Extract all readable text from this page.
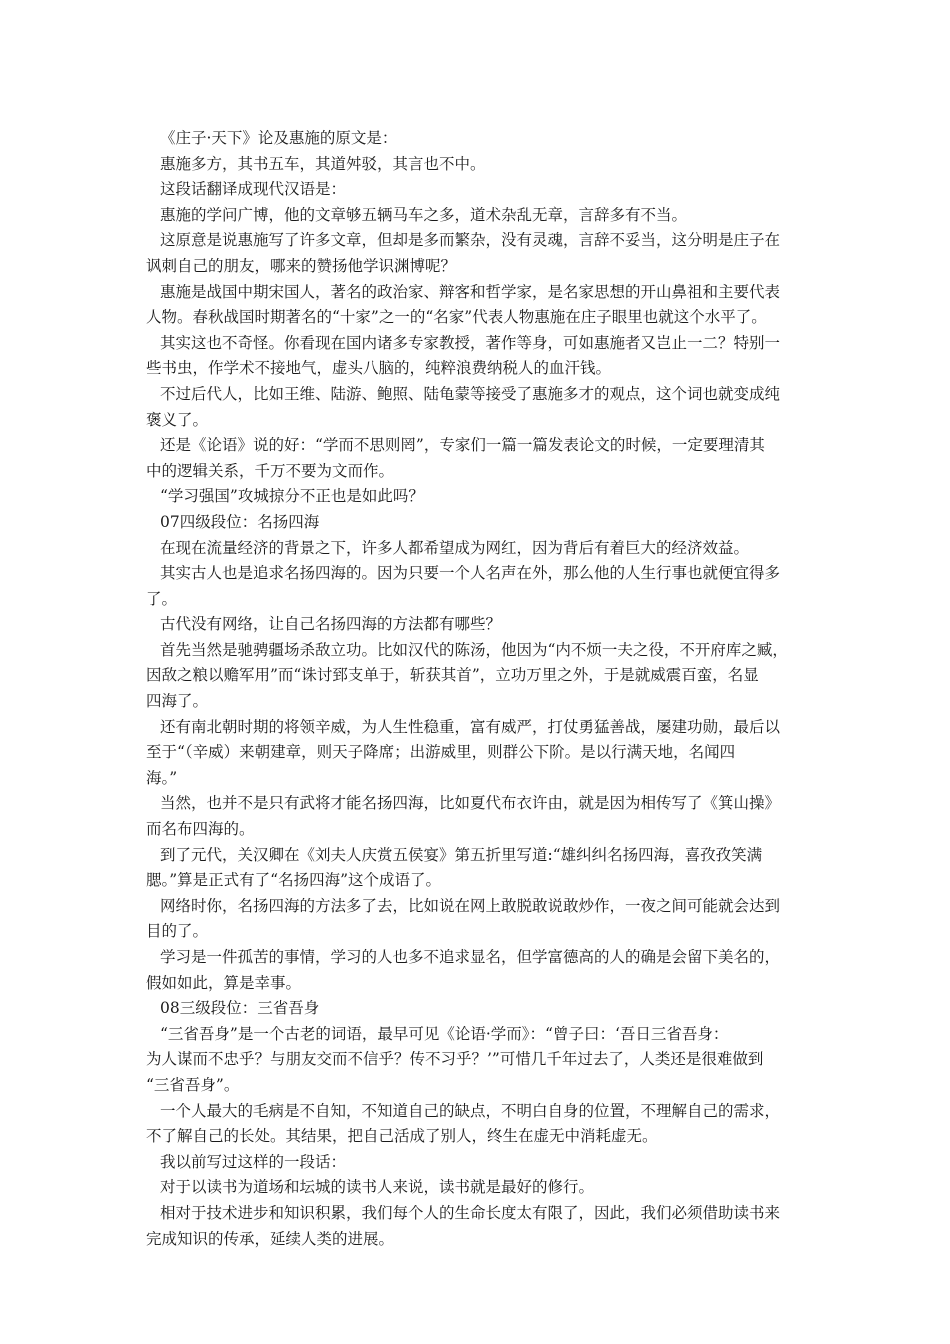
《庄子·天下》论及惠施的原文是：

惠施多方，其书五车，其道舛驳，其言也不中。

这段话翻译成现代汉语是：

惠施的学问广博，他的文章够五辆马车之多，道术杂乱无章，言辞多有不当。

这原意是说惠施写了许多文章，但却是多而繁杂，没有灵魂，言辞不妥当，这分明是庄子在
讽刺自己的朋友，哪来的赞扬他学识渊博呢？

惠施是战国中期宋国人，著名的政治家、辩客和哲学家，是名家思想的开山鼻祖和主要代表
人物。春秋战国时期著名的“十家”之一的“名家”代表人物惠施在庄子眼里也就这个水平了。

其实这也不奇怪。你看现在国内诸多专家教授，著作等身，可如惠施者又岂止一二？特别一
些书虫，作学术不接地气，虚头八脑的，纯粹浪费纳税人的血汗钱。

不过后代人，比如王维、陆游、鲍照、陆龟蒙等接受了惠施多才的观点，这个词也就变成纯
褒义了。

还是《论语》说的好：“学而不思则罔”，专家们一篇一篇发表论文的时候，一定要理清其
中的逻辑关系，千万不要为文而作。

“学习强国”攻城掠分不正也是如此吗？

07四级段位：名扬四海

在现在流量经济的背景之下，许多人都希望成为网红，因为背后有着巨大的经济效益。

其实古人也是追求名扬四海的。因为只要一个人名声在外，那么他的人生行事也就便宜得多
了。

古代没有网络，让自己名扬四海的方法都有哪些？

首先当然是驰骋疆场杀敌立功。比如汉代的陈汤，他因为“内不烦一夫之役，不开府库之臧，
因敌之粮以赡军用”而“诛讨郅支单于，斩获其首”，立功万里之外，于是就威震百蛮，名显
四海了。

还有南北朝时期的将领辛威，为人生性稳重，富有威严，打仗勇猛善战，屡建功勋，最后以
至于“（辛威）来朝建章，则天子降席；出游威里，则群公下阶。是以行满天地，名闻四
海。”

当然，也并不是只有武将才能名扬四海，比如夏代布衣许由，就是因为相传写了《箕山操》
而名布四海的。

到了元代，关汉卿在《刘夫人庆赏五侯宴》第五折里写道:“雄纠纠名扬四海，喜孜孜笑满
腮。”算是正式有了“名扬四海”这个成语了。

网络时你，名扬四海的方法多了去，比如说在网上敢脱敢说敢炒作，一夜之间可能就会达到
目的了。

学习是一件孤苦的事情，学习的人也多不追求显名，但学富德高的人的确是会留下美名的，
假如如此，算是幸事。

08三级段位：三省吾身

“三省吾身”是一个古老的词语，最早可见《论语·学而》：“曾子曰：‘吾日三省吾身：
为人谋而不忠乎？与朋友交而不信乎？传不习乎？’”可惜几千年过去了，人类还是很难做到
“三省吾身”。

一个人最大的毛病是不自知，不知道自己的缺点，不明白自身的位置，不理解自己的需求，
不了解自己的长处。其结果，把自己活成了别人，终生在虚无中消耗虚无。

我以前写过这样的一段话：

对于以读书为道场和坛城的读书人来说，读书就是最好的修行。

相对于技术进步和知识积累，我们每个人的生命长度太有限了，因此，我们必须借助读书来
完成知识的传承，延续人类的进展。
